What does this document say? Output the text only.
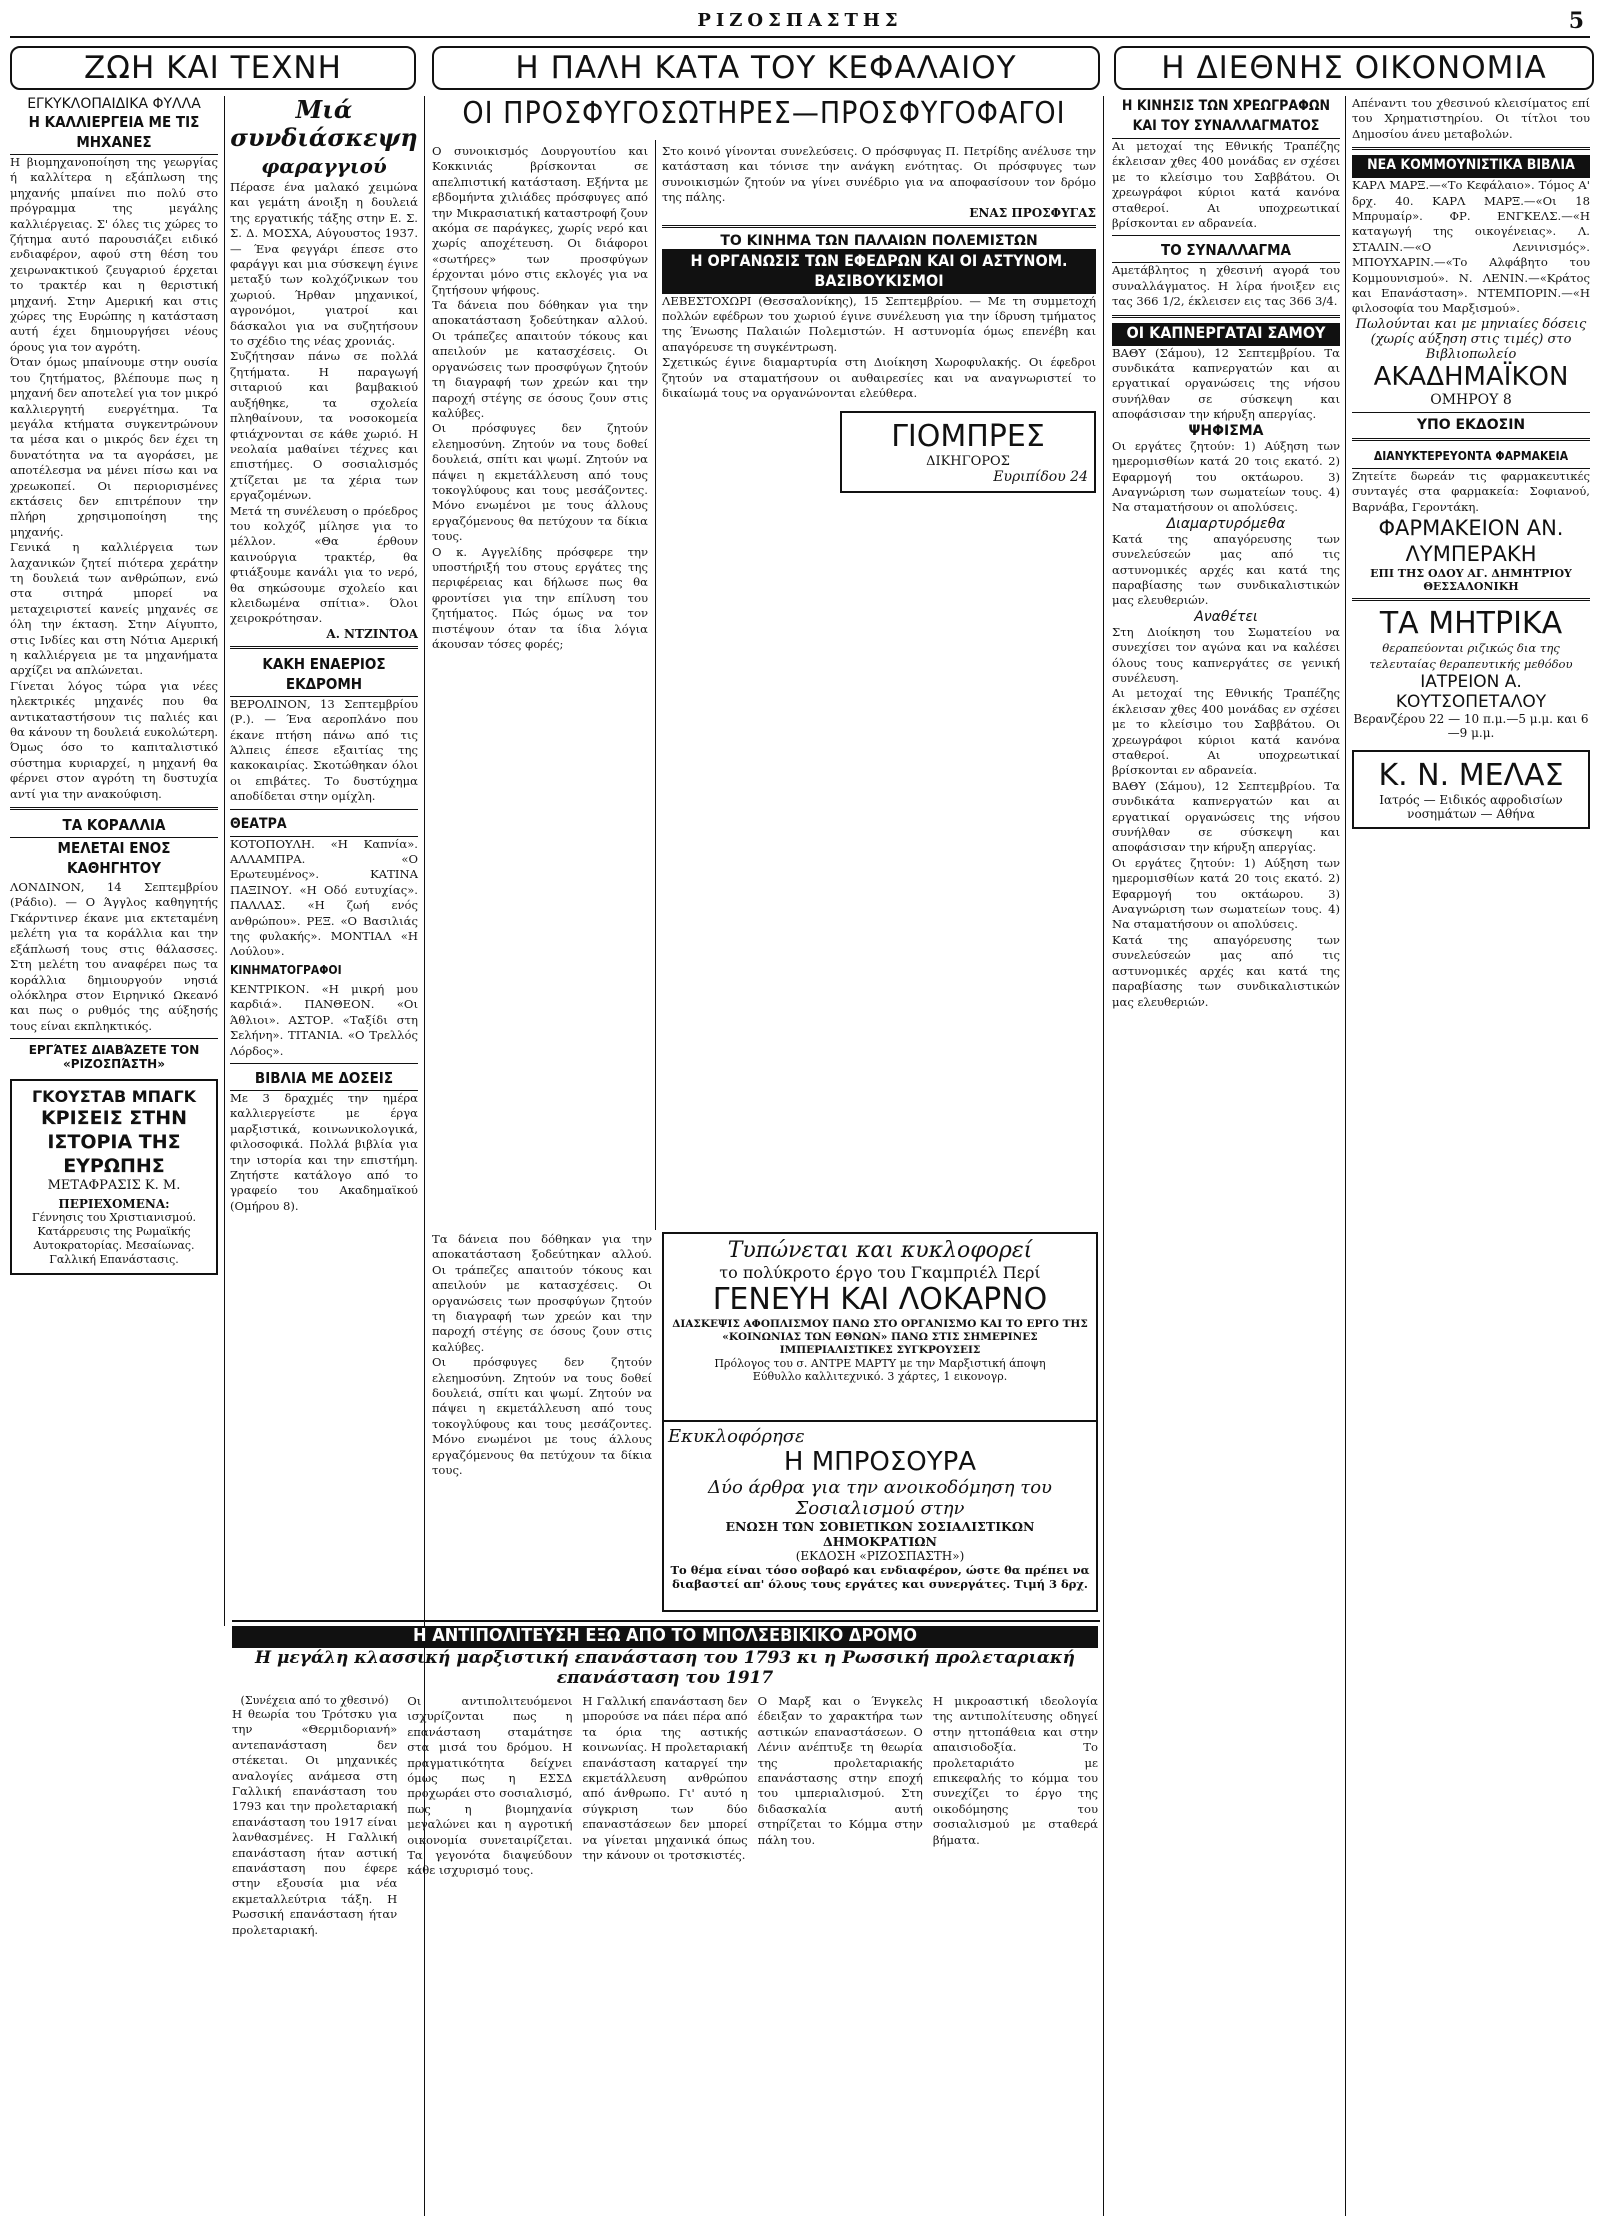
ΡΙΖΟΣΠΑΣΤΗΣ	5
ΖΩΗ ΚΑΙ ΤΕΧΝΗ	Η ΠΑΛΗ ΚΑΤΑ ΤΟΥ ΚΕΦΑΛΑΙΟΥ	Η ΔΙΕΘΝΗΣ ΟΙΚΟΝΟΜΙΑ
ΕΓΚΥΚΛΟΠΑΙΔΙΚΑ ΦΥΛΛΑ
Η ΚΑΛΛΙΕΡΓΕΙΑ ΜΕ ΤΙΣ ΜΗΧΑΝΕΣ

Η βιομηχανοποίηση της γεωργίας ή καλλίτερα η εξάπλωση της μηχανής μπαίνει πιο πολύ στο πρόγραμμα της μεγάλης καλλιέργειας. Σ' όλες τις χώρες το ζήτημα αυτό παρουσιάζει ειδικό ενδιαφέρον, αφού στη θέση του χειρωνακτικού ζευγαριού έρχεται το τρακτέρ και η θεριστική μηχανή. Στην Αμερική και στις χώρες της Ευρώπης η κατάσταση αυτή έχει δημιουργήσει νέους όρους για τον αγρότη.

Όταν όμως μπαίνουμε στην ουσία του ζητήματος, βλέπουμε πως η μηχανή δεν αποτελεί για τον μικρό καλλιεργητή ευεργέτημα. Τα μεγάλα κτήματα συγκεντρώνουν τα μέσα και ο μικρός δεν έχει τη δυνατότητα να τα αγοράσει, με αποτέλεσμα να μένει πίσω και να χρεωκοπεί. Οι περιορισμένες εκτάσεις δεν επιτρέπουν την πλήρη χρησιμοποίηση της μηχανής.

Γενικά η καλλιέργεια των λαχανικών ζητεί πιότερα χεράτην τη δουλειά των ανθρώπων, ενώ στα σιτηρά μπορεί να μεταχειριστεί κανείς μηχανές σε όλη την έκταση. Στην Αίγυπτο, στις Ινδίες και στη Νότια Αμερική η καλλιέργεια με τα μηχανήματα αρχίζει να απλώνεται.

Γίνεται λόγος τώρα για νέες ηλεκτρικές μηχανές που θα αντικαταστήσουν τις παλιές και θα κάνουν τη δουλειά ευκολώτερη. Όμως όσο το καπιταλιστικό σύστημα κυριαρχεί, η μηχανή θα φέρνει στον αγρότη τη δυστυχία αντί για την ανακούφιση.

ΤΑ ΚΟΡΑΛΛΙΑ
ΜΕΛΕΤΑΙ ΕΝΟΣ ΚΑΘΗΓΗΤΟΥ

ΛΟΝΔΙΝΟΝ, 14 Σεπτεμβρίου (Ράδιο). — Ο Άγγλος καθηγητής Γκάρντινερ έκανε μια εκτεταμένη μελέτη για τα κοράλλια και την εξάπλωσή τους στις θάλασσες. Στη μελέτη του αναφέρει πως τα κοράλλια δημιουργούν νησιά ολόκληρα στον Ειρηνικό Ωκεανό και πως ο ρυθμός της αύξησής τους είναι εκπληκτικός.

ΕΡΓΆΤΕΣ ΔΙΑΒΆΖΕΤΕ ΤΟΝ «ΡΙΖΟΣΠΆΣΤΗ»
ΓΚΟΥΣΤΑΒ ΜΠΑΓΚ
ΚΡΙΣΕΙΣ ΣΤΗΝ ΙΣΤΟΡΙΑ ΤΗΣ ΕΥΡΩΠΗΣ
ΜΕΤΑΦΡΑΣΙΣ Κ. Μ.
ΠΕΡΙΕΧΟΜΕΝΑ:
Γέννησις του Χριστιανισμού. Κατάρρευσις της Ρωμαϊκής Αυτοκρατορίας. Μεσαίωνας. Γαλλική Επανάστασις.
Μιά συνδιάσκεψη
φαραγγιού

Πέρασε ένα μαλακό χειμώνα και γεμάτη άνοιξη η δουλειά της εργατικής τάξης στην Ε. Σ. Σ. Δ. ΜΟΣΧΑ, Αύγουστος 1937. — Ένα φεγγάρι έπεσε στο φαράγγι και μια σύσκεψη έγινε μεταξύ των κολχόζνικων του χωριού. Ήρθαν μηχανικοί, αγρονόμοι, γιατροί και δάσκαλοι για να συζητήσουν το σχέδιο της νέας χρονιάς.

Συζήτησαν πάνω σε πολλά ζητήματα. Η παραγωγή σιταριού και βαμβακιού αυξήθηκε, τα σχολεία πληθαίνουν, τα νοσοκομεία φτιάχνονται σε κάθε χωριό. Η νεολαία μαθαίνει τέχνες και επιστήμες. Ο σοσιαλισμός χτίζεται με τα χέρια των εργαζομένων.

Μετά τη συνέλευση ο πρόεδρος του κολχόζ μίλησε για το μέλλον. «Θα έρθουν καινούργια τρακτέρ, θα φτιάξουμε κανάλι για το νερό, θα σηκώσουμε σχολείο και κλειδωμένα σπίτια». Όλοι χειροκρότησαν.

Α. ΝΤΖΙΝΤΟΑ
ΚΑΚΗ ΕΝΑΕΡΙΟΣ ΕΚΔΡΟΜΗ

ΒΕΡΟΛΙΝΟΝ, 13 Σεπτεμβρίου (Ρ.). — Ένα αεροπλάνο που έκανε πτήση πάνω από τις Άλπεις έπεσε εξαιτίας της κακοκαιρίας. Σκοτώθηκαν όλοι οι επιβάτες. Το δυστύχημα αποδίδεται στην ομίχλη.

ΘΕΑΤΡΑ

ΚΟΤΟΠΟΥΛΗ. «Η Καπνία». ΑΛΛΑΜΠΡΑ. «Ο Ερωτευμένος». ΚΑΤΙΝΑ ΠΑΞΙΝΟΥ. «Η Οδό ευτυχίας». ΠΑΛΛΑΣ. «Η ζωή ενός ανθρώπου». ΡΕΞ. «Ο Βασιλιάς της φυλακής». ΜΟΝΤΙΑΛ «Η Λούλου».

ΚΙΝΗΜΑΤΟΓΡΑΦΟΙ

ΚΕΝΤΡΙΚΟΝ. «Η μικρή μου καρδιά». ΠΑΝΘΕΟΝ. «Οι Άθλιοι». ΑΣΤΟΡ. «Ταξίδι στη Σελήνη». ΤΙΤΑΝΙΑ. «Ο Τρελλός Λόρδος».

ΒΙΒΛΙΑ ΜΕ ΔΟΣΕΙΣ

Με 3 δραχμές την ημέρα καλλιεργείστε με έργα μαρξιστικά, κοινωνικολογικά, φιλοσοφικά. Πολλά βιβλία για την ιστορία και την επιστήμη. Ζητήστε κατάλογο από το γραφείο του Ακαδημαϊκού (Ομήρου 8).

ΟΙ ΠΡΟΣΦΥΓΟΣΩΤΗΡΕΣ—ΠΡΟΣΦΥΓΟΦΑΓΟΙ

Ο συνοικισμός Δουργουτίου και Κοκκινιάς βρίσκονται σε απελπιστική κατάσταση. Εξήντα με εβδομήντα χιλιάδες πρόσφυγες από την Μικρασιατική καταστροφή ζουν ακόμα σε παράγκες, χωρίς νερό και χωρίς αποχέτευση. Οι διάφοροι «σωτήρες» των προσφύγων έρχονται μόνο στις εκλογές για να ζητήσουν ψήφους.

Τα δάνεια που δόθηκαν για την αποκατάσταση ξοδεύτηκαν αλλού. Οι τράπεζες απαιτούν τόκους και απειλούν με κατασχέσεις. Οι οργανώσεις των προσφύγων ζητούν τη διαγραφή των χρεών και την παροχή στέγης σε όσους ζουν στις καλύβες.

Οι πρόσφυγες δεν ζητούν ελεημοσύνη. Ζητούν να τους δοθεί δουλειά, σπίτι και ψωμί. Ζητούν να πάψει η εκμετάλλευση από τους τοκογλύφους και τους μεσάζοντες. Μόνο ενωμένοι με τους άλλους εργαζόμενους θα πετύχουν τα δίκια τους.

Ο κ. Αγγελίδης πρόσφερε την υποστήριξή του στους εργάτες της περιφέρειας και δήλωσε πως θα φροντίσει για την επίλυση του ζητήματος. Πώς όμως να τον πιστέψουν όταν τα ίδια λόγια άκουσαν τόσες φορές;

Στο κοινό γίνονται συνελεύσεις. Ο πρόσφυγας Π. Πετρίδης ανέλυσε την κατάσταση και τόνισε την ανάγκη ενότητας. Οι πρόσφυγες των συνοικισμών ζητούν να γίνει συνέδριο για να αποφασίσουν τον δρόμο της πάλης.

ΕΝΑΣ ΠΡΟΣΦΥΓΑΣ
ΤΟ ΚΙΝΗΜΑ ΤΩΝ ΠΑΛΑΙΩΝ ΠΟΛΕΜΙΣΤΩΝ
Η ΟΡΓΑΝΩΣΙΣ ΤΩΝ ΕΦΕΔΡΩΝ ΚΑΙ ΟΙ ΑΣΤΥΝΟΜ. ΒΑΣΙΒΟΥΚΙΣΜΟΙ

ΛΕΒΕΣΤΟΧΩΡΙ (Θεσσαλονίκης), 15 Σεπτεμβρίου. — Με τη συμμετοχή πολλών εφέδρων του χωριού έγινε συνέλευση για την ίδρυση τμήματος της Ένωσης Παλαιών Πολεμιστών. Η αστυνομία όμως επενέβη και απαγόρευσε τη συγκέντρωση.

Σχετικώς έγινε διαμαρτυρία στη Διοίκηση Χωροφυλακής. Οι έφεδροι ζητούν να σταματήσουν οι αυθαιρεσίες και να αναγνωριστεί το δικαίωμά τους να οργανώνονται ελεύθερα.

ΓΙΟΜΠΡΕΣ
ΔΙΚΗΓΟΡΟΣ
Ευριπίδου 24
Τυπώνεται και κυκλοφορεί
το πολύκροτο έργο του Γκαμπριέλ Περί
ΓΕΝΕΥΗ ΚΑΙ ΛΟΚΑΡΝΟ
ΔΙΑΣΚΕΨΙΣ ΑΦΟΠΛΙΣΜΟΥ ΠΑΝΩ ΣΤΟ ΟΡΓΑΝΙΣΜΟ ΚΑΙ ΤΟ ΕΡΓΟ ΤΗΣ «ΚΟΙΝΩΝΙΑΣ ΤΩΝ ΕΘΝΩΝ» ΠΑΝΩ ΣΤΙΣ ΣΗΜΕΡΙΝΕΣ ΙΜΠΕΡΙΑΛΙΣΤΙΚΕΣ ΣΥΓΚΡΟΥΣΕΙΣ
Πρόλογος του σ. ΑΝΤΡΕ ΜΑΡΤΥ με την Μαρξιστική άποψη
Εύθυλλο καλλιτεχνικό. 3 χάρτες, 1 εικονογρ.
Εκυκλοφόρησε
Η ΜΠΡΟΣΟΥΡΑ
Δύο άρθρα για την ανοικοδόμηση του Σοσιαλισμού στην
ΕΝΩΣΗ ΤΩΝ ΣΟΒΙΕΤΙΚΩΝ ΣΟΣΙΑΛΙΣΤΙΚΩΝ ΔΗΜΟΚΡΑΤΙΩΝ
(ΕΚΔΟΣΗ «ΡΙΖΟΣΠΑΣΤΗ»)
Το θέμα είναι τόσο σοβαρό και ενδιαφέρον, ώστε θα πρέπει να διαβαστεί απ' όλους τους εργάτες και συνεργάτες. Τιμή 3 δρχ.

Τα δάνεια που δόθηκαν για την αποκατάσταση ξοδεύτηκαν αλλού. Οι τράπεζες απαιτούν τόκους και απειλούν με κατασχέσεις. Οι οργανώσεις των προσφύγων ζητούν τη διαγραφή των χρεών και την παροχή στέγης σε όσους ζουν στις καλύβες.

Οι πρόσφυγες δεν ζητούν ελεημοσύνη. Ζητούν να τους δοθεί δουλειά, σπίτι και ψωμί. Ζητούν να πάψει η εκμετάλλευση από τους τοκογλύφους και τους μεσάζοντες. Μόνο ενωμένοι με τους άλλους εργαζόμενους θα πετύχουν τα δίκια τους.

Η ΑΝΤΙΠΟΛΙΤΕΥΣΗ ΕΞΩ ΑΠΟ ΤΟ ΜΠΟΛΣΕΒΙΚΙΚΟ ΔΡΟΜΟ
Η μεγάλη κλασσική μαρξιστική επανάσταση του 1793 κι η Ρωσσική προλεταριακή επανάσταση του 1917
(Συνέχεια από το χθεσινό)

Η θεωρία του Τρότσκυ για την «Θερμιδοριανή» αντεπανάσταση δεν στέκεται. Οι μηχανικές αναλογίες ανάμεσα στη Γαλλική επανάσταση του 1793 και την προλεταριακή επανάσταση του 1917 είναι λανθασμένες. Η Γαλλική επανάσταση ήταν αστική επανάσταση που έφερε στην εξουσία μια νέα εκμεταλλεύτρια τάξη. Η Ρωσσική επανάσταση ήταν προλεταριακή.

Οι αντιπολιτευόμενοι ισχυρίζονται πως η επανάσταση σταμάτησε στα μισά του δρόμου. Η πραγματικότητα δείχνει όμως πως η ΕΣΣΔ προχωράει στο σοσιαλισμό, πως η βιομηχανία μεγαλώνει και η αγροτική οικονομία συνεταιρίζεται. Τα γεγονότα διαψεύδουν κάθε ισχυρισμό τους.

Η Γαλλική επανάσταση δεν μπορούσε να πάει πέρα από τα όρια της αστικής κοινωνίας. Η προλεταριακή επανάσταση καταργεί την εκμετάλλευση ανθρώπου από άνθρωπο. Γι' αυτό η σύγκριση των δύο επαναστάσεων δεν μπορεί να γίνεται μηχανικά όπως την κάνουν οι τροτσκιστές.

Ο Μαρξ και ο Ένγκελς έδειξαν το χαρακτήρα των αστικών επαναστάσεων. Ο Λένιν ανέπτυξε τη θεωρία της προλεταριακής επανάστασης στην εποχή του ιμπεριαλισμού. Στη διδασκαλία αυτή στηρίζεται το Κόμμα στην πάλη του.

Η μικροαστική ιδεολογία της αντιπολίτευσης οδηγεί στην ηττοπάθεια και στην απαισιοδοξία. Το προλεταριάτο με επικεφαλής το κόμμα του συνεχίζει το έργο της οικοδόμησης του σοσιαλισμού με σταθερά βήματα.

Η ΚΙΝΗΣΙΣ ΤΩΝ ΧΡΕΩΓΡΑΦΩΝ ΚΑΙ ΤΟΥ ΣΥΝΑΛΛΑΓΜΑΤΟΣ

Αι μετοχαί της Εθνικής Τραπέζης έκλεισαν χθες 400 μονάδας εν σχέσει με το κλείσιμο του Σαββάτου. Οι χρεωγράφοι κύριοι κατά κανόνα σταθεροί. Αι υποχρεωτικαί βρίσκονται εν αδρανεία.

ΤΟ ΣΥΝΑΛΛΑΓΜΑ

Αμετάβλητος η χθεσινή αγορά του συναλλάγματος. Η λίρα ήνοιξεν εις τας 366 1/2, έκλεισεν εις τας 366 3/4.

ΟΙ ΚΑΠΝΕΡΓΑΤΑΙ ΣΑΜΟΥ

ΒΑΘΥ (Σάμου), 12 Σεπτεμβρίου. Τα συνδικάτα καπνεργατών και αι εργατικαί οργανώσεις της νήσου συνήλθαν σε σύσκεψη και αποφάσισαν την κήρυξη απεργίας.

ΨΗΦΙΣΜΑ

Οι εργάτες ζητούν: 1) Αύξηση των ημερομισθίων κατά 20 τοις εκατό. 2) Εφαρμογή του οκτάωρου. 3) Αναγνώριση των σωματείων τους. 4) Να σταματήσουν οι απολύσεις.

Διαμαρτυρόμεθα

Κατά της απαγόρευσης των συνελεύσεών μας από τις αστυνομικές αρχές και κατά της παραβίασης των συνδικαλιστικών μας ελευθεριών.

Αναθέτει

Στη Διοίκηση του Σωματείου να συνεχίσει τον αγώνα και να καλέσει όλους τους καπνεργάτες σε γενική συνέλευση.

Αι μετοχαί της Εθνικής Τραπέζης έκλεισαν χθες 400 μονάδας εν σχέσει με το κλείσιμο του Σαββάτου. Οι χρεωγράφοι κύριοι κατά κανόνα σταθεροί. Αι υποχρεωτικαί βρίσκονται εν αδρανεία.

ΒΑΘΥ (Σάμου), 12 Σεπτεμβρίου. Τα συνδικάτα καπνεργατών και αι εργατικαί οργανώσεις της νήσου συνήλθαν σε σύσκεψη και αποφάσισαν την κήρυξη απεργίας.

Οι εργάτες ζητούν: 1) Αύξηση των ημερομισθίων κατά 20 τοις εκατό. 2) Εφαρμογή του οκτάωρου. 3) Αναγνώριση των σωματείων τους. 4) Να σταματήσουν οι απολύσεις.

Κατά της απαγόρευσης των συνελεύσεών μας από τις αστυνομικές αρχές και κατά της παραβίασης των συνδικαλιστικών μας ελευθεριών.

Απέναντι του χθεσινού κλεισίματος επί του Χρηματιστηρίου. Οι τίτλοι του Δημοσίου άνευ μεταβολών.

ΝΕΑ ΚΟΜΜΟΥΝΙΣΤΙΚΑ ΒΙΒΛΙΑ

ΚΑΡΛ ΜΑΡΞ.—«Το Κεφάλαιο». Τόμος Α' δρχ. 40. ΚΑΡΛ ΜΑΡΞ.—«Οι 18 Μπρυμαίρ». ΦΡ. ΕΝΓΚΕΛΣ.—«Η καταγωγή της οικογένειας». Λ. ΣΤΑΛΙΝ.—«Ο Λενινισμός». ΜΠΟΥΧΑΡΙΝ.—«Το Αλφάβητο του Κομμουνισμού». Ν. ΛΕΝΙΝ.—«Κράτος και Επανάσταση». ΝΤΕΜΠΟΡΙΝ.—«Η φιλοσοφία του Μαρξισμού».

Πωλούνται και με μηνιαίες δόσεις (χωρίς αύξηση στις τιμές) στο Βιβλιοπωλείο
ΑΚΑΔΗΜΑΪΚΟΝ
ΟΜΗΡΟΥ 8
ΥΠΟ ΕΚΔΟΣΙΝ
ΔΙΑΝΥΚΤΕΡΕΥΟΝΤΑ ΦΑΡΜΑΚΕΙΑ

Ζητείτε δωρεάν τις φαρμακευτικές συνταγές στα φαρμακεία: Σοφιανού, Βαρνάβα, Γεροντάκη.

ΦΑΡΜΑΚΕΙΟΝ ΑΝ. ΛΥΜΠΕΡΑΚΗ
ΕΠΙ ΤΗΣ ΟΔΟΥ ΑΓ. ΔΗΜΗΤΡΙΟΥ ΘΕΣΣΑΛΟΝΙΚΗ
ΤΑ ΜΗΤΡΙΚΑ

θεραπεύονται ριζικώς δια της τελευταίας θεραπευτικής μεθόδου

ΙΑΤΡΕΙΟΝ Α. ΚΟΥΤΣΟΠΕΤΑΛΟΥ
Βερανζέρου 22 — 10 π.μ.—5 μ.μ. και 6—9 μ.μ.
Κ. Ν. ΜΕΛΑΣ
Ιατρός — Ειδικός αφροδισίων νοσημάτων — Αθήνα
